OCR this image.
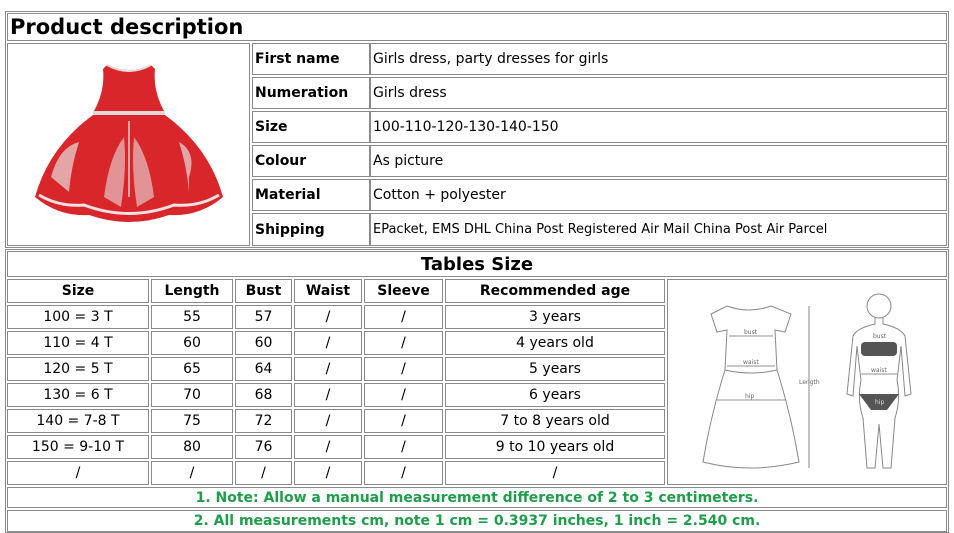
Product description
First name	Girls dress, party dresses for girls
Numeration	Girls dress
Size	100-110-120-130-140-150
Colour	As picture
Material	Cotton + polyester
Shipping	EPacket, EMS DHL China Post Registered Air Mail China Post Air Parcel
Tables Size
Size	Length	Bust	Waist	Sleeve	Recommended age
100 = 3 T	55	57	/	/	3 years
110 = 4 T	60	60	/	/	4 years old
120 = 5 T	65	64	/	/	5 years
130 = 6 T	70	68	/	/	6 years
140 = 7-8 T	75	72	/	/	7 to 8 years old
150 = 9-10 T	80	76	/	/	9 to 10 years old
/	/	/	/	/	/
bust
waist
hip
Length
bust
waist
hip
1. Note: Allow a manual measurement difference of 2 to 3 centimeters.
2. All measurements cm, note 1 cm = 0.3937 inches, 1 inch = 2.540 cm.
